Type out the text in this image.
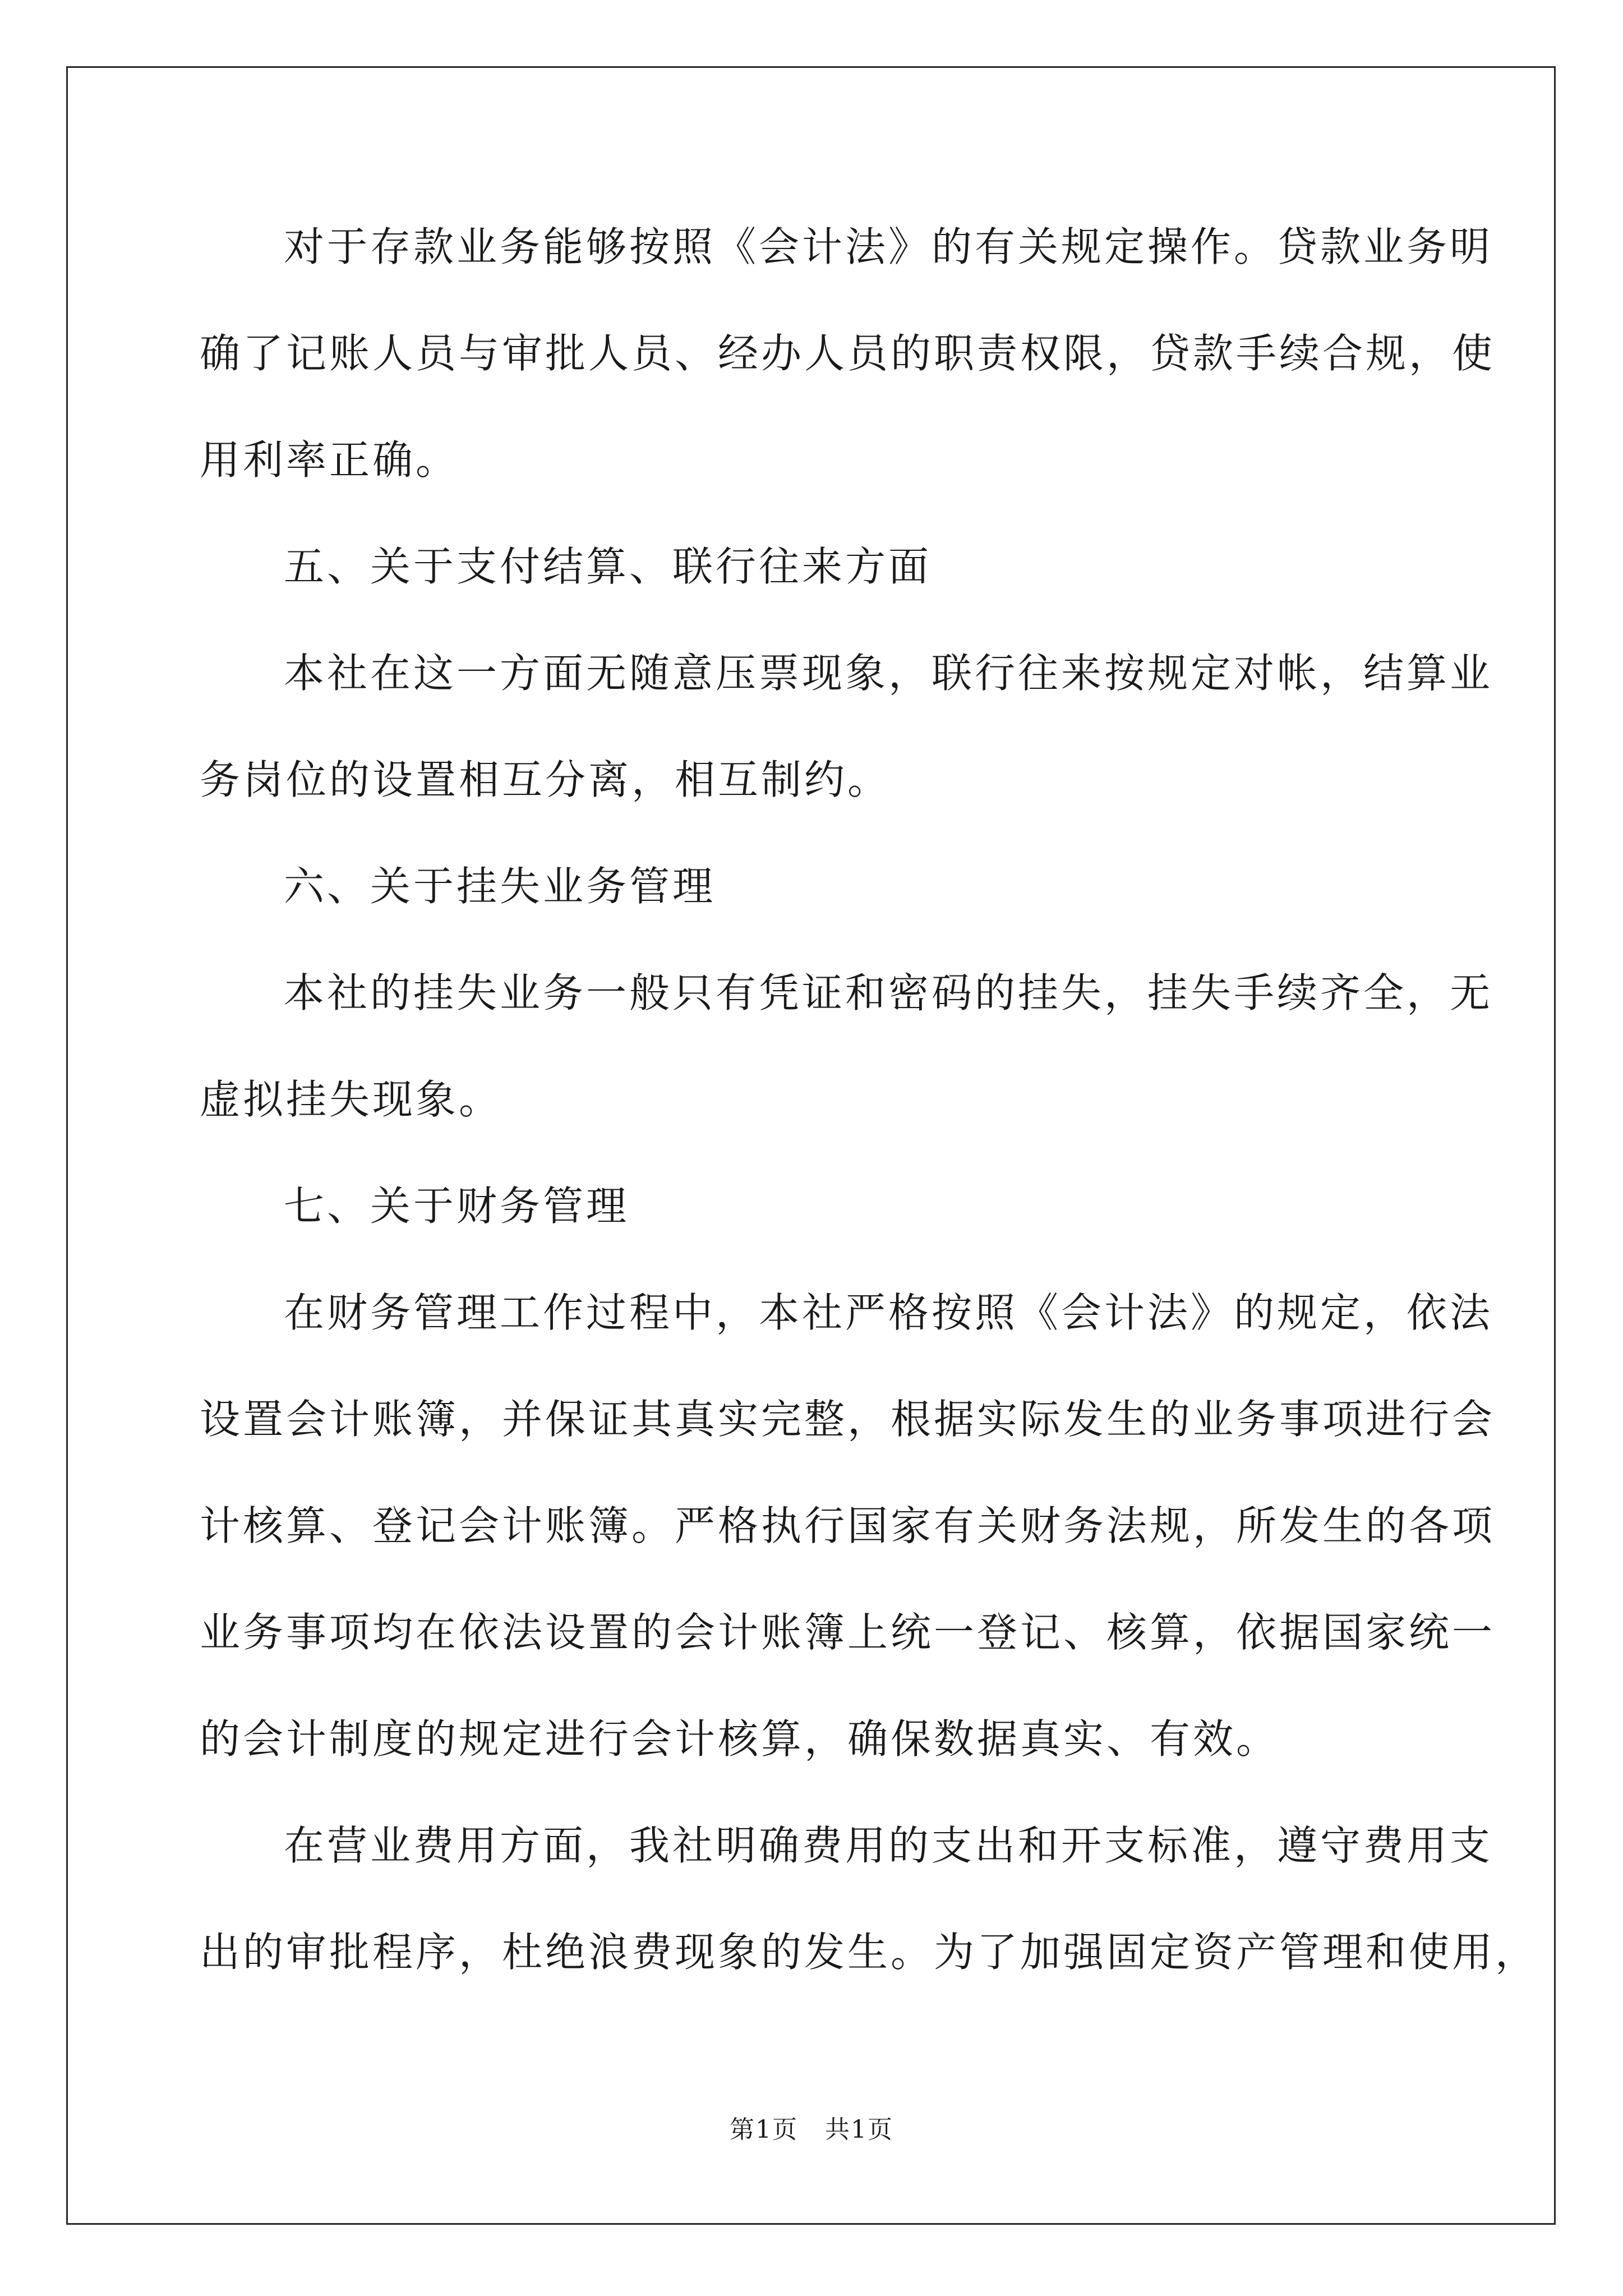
对于存款业务能够按照《会计法》的有关规定操作。贷款业务明
确了记账人员与审批人员、经办人员的职责权限，贷款手续合规，使
用利率正确。
五、关于支付结算、联行往来方面
本社在这一方面无随意压票现象，联行往来按规定对帐，结算业
务岗位的设置相互分离，相互制约。
六、关于挂失业务管理
本社的挂失业务一般只有凭证和密码的挂失，挂失手续齐全，无
虚拟挂失现象。
七、关于财务管理
在财务管理工作过程中，本社严格按照《会计法》的规定，依法
设置会计账簿，并保证其真实完整，根据实际发生的业务事项进行会
计核算、登记会计账簿。严格执行国家有关财务法规，所发生的各项
业务事项均在依法设置的会计账簿上统一登记、核算，依据国家统一
的会计制度的规定进行会计核算，确保数据真实、有效。
在营业费用方面，我社明确费用的支出和开支标准，遵守费用支
出的审批程序，杜绝浪费现象的发生。为了加强固定资产管理和使用，
第1页   共1页
